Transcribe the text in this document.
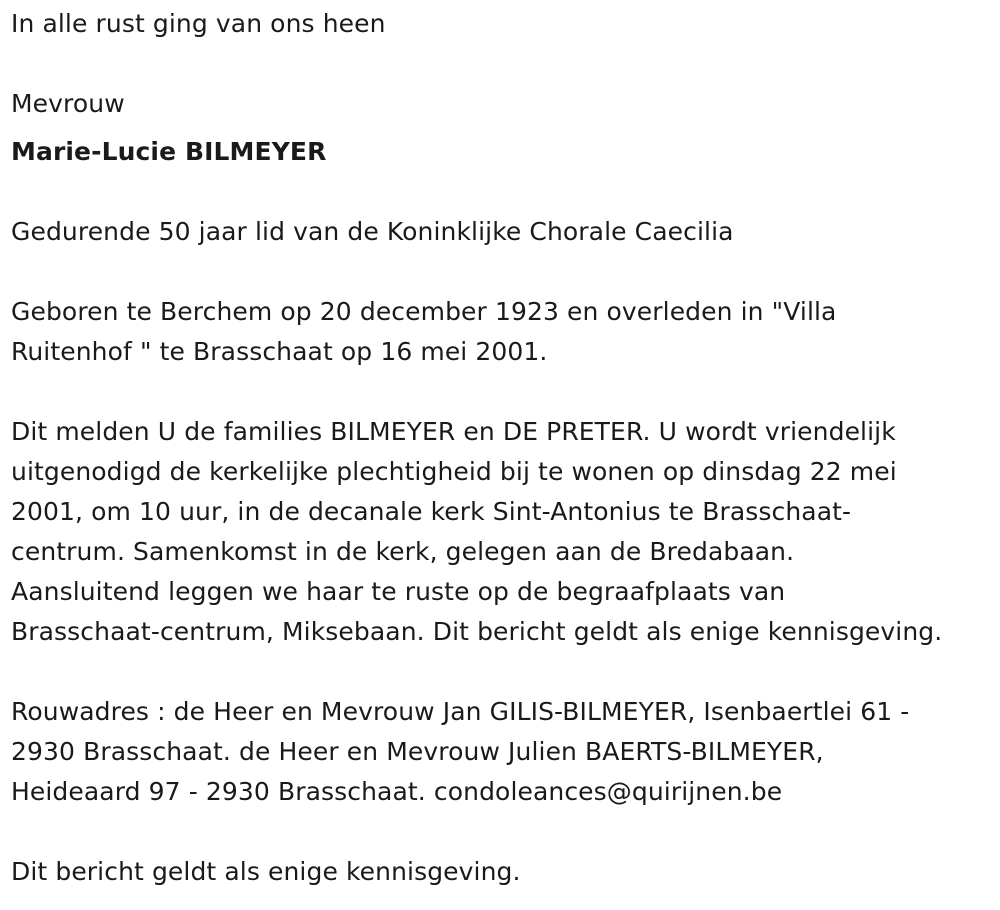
In alle rust ging van ons heen

Mevrouw

Marie-Lucie BILMEYER

Gedurende 50 jaar lid van de Koninklijke Chorale Caecilia

Geboren te Berchem op 20 december 1923 en overleden in "Villa
Ruitenhof " te Brasschaat op 16 mei 2001.

Dit melden U de families BILMEYER en DE PRETER. U wordt vriendelijk
uitgenodigd de kerkelijke plechtigheid bij te wonen op dinsdag 22 mei
2001, om 10 uur, in de decanale kerk Sint-Antonius te Brasschaat-
centrum. Samenkomst in de kerk, gelegen aan de Bredabaan.
Aansluitend leggen we haar te ruste op de begraafplaats van
Brasschaat-centrum, Miksebaan. Dit bericht geldt als enige kennisgeving.

Rouwadres : de Heer en Mevrouw Jan GILIS-BILMEYER, Isenbaertlei 61 -
2930 Brasschaat. de Heer en Mevrouw Julien BAERTS-BILMEYER,
Heideaard 97 - 2930 Brasschaat. condoleances@quirijnen.be

Dit bericht geldt als enige kennisgeving.
